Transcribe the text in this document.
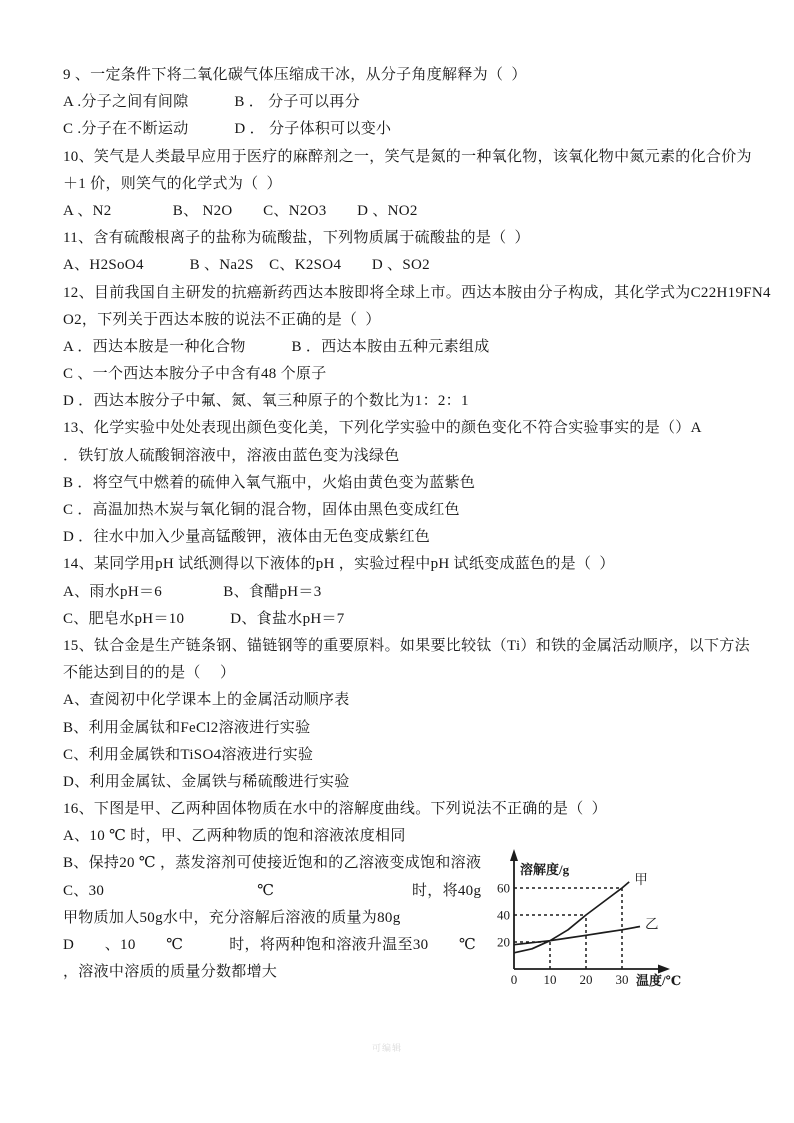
9 、一定条件下将二氧化碳气体压缩成干冰，从分子角度解释为（  ）
A .分子之间有间隙　　　B ． 分子可以再分
C .分子在不断运动　　　D ． 分子体积可以变小
10、笑气是人类最早应用于医疗的麻醉剂之一，笑气是氮的一种氧化物，该氧化物中氮元素的化合价为
＋1 价，则笑气的化学式为（  ）
A 、N2　　　　B、 N2O　　C、N2O3　　D 、NO2
11、含有硫酸根离子的盐称为硫酸盐，下列物质属于硫酸盐的是（  ）
A、H2SoO4　　　B 、Na2S　C、K2SO4　　D 、SO2
12、目前我国自主研发的抗癌新药西达本胺即将全球上市。西达本胺由分子构成，其化学式为C22H19FN4
O2，下列关于西达本胺的说法不正确的是（  ）
A ．西达本胺是一种化合物　　　B ．西达本胺由五种元素组成
C 、一个西达本胺分子中含有48 个原子
D ．西达本胺分子中氟、氮、氧三种原子的个数比为1：2：1
13、化学实验中处处表现出颜色变化美，下列化学实验中的颜色变化不符合实验事实的是（）A
．铁钉放人硫酸铜溶液中，溶液由蓝色变为浅绿色
B ．将空气中燃着的硫伸入氧气瓶中，火焰由黄色变为蓝紫色
C ．高温加热木炭与氧化铜的混合物，固体由黑色变成红色
D ．往水中加入少量高锰酸钾，液体由无色变成紫红色
14、某同学用pH 试纸测得以下液体的pH ，实验过程中pH 试纸变成蓝色的是（  ）
A、雨水pH＝6　　　　B、食醋pH＝3
C、肥皂水pH＝10　　　D、食盐水pH＝7
15、钛合金是生产链条钢、锚链钢等的重要原料。如果要比较钛（Ti）和铁的金属活动顺序，以下方法
不能达到目的的是（　 ）
A、查阅初中化学课本上的金属活动顺序表
B、利用金属钛和FeCl2溶液进行实验
C、利用金属铁和TiSO4溶液进行实验
D、利用金属钛、金属铁与稀硫酸进行实验
16、下图是甲、乙两种固体物质在水中的溶解度曲线。下列说法不正确的是（  ）
A、10 ℃ 时，甲、乙两种物质的饱和溶液浓度相同
B、保持20 ℃ ，蒸发溶剂可使接近饱和的乙溶液变成饱和溶液
C、30　　　　　　　　　　℃　　　　　　　　　时，将40g
甲物质加人50g水中，充分溶解后溶液的质量为80g
D　　、10　　℃　　　时，将两种饱和溶液升温至30　　℃
，溶液中溶质的质量分数都增大
甲
乙
0 10 20 30
20
40
60
溶解度/g
温度/℃
可编辑
